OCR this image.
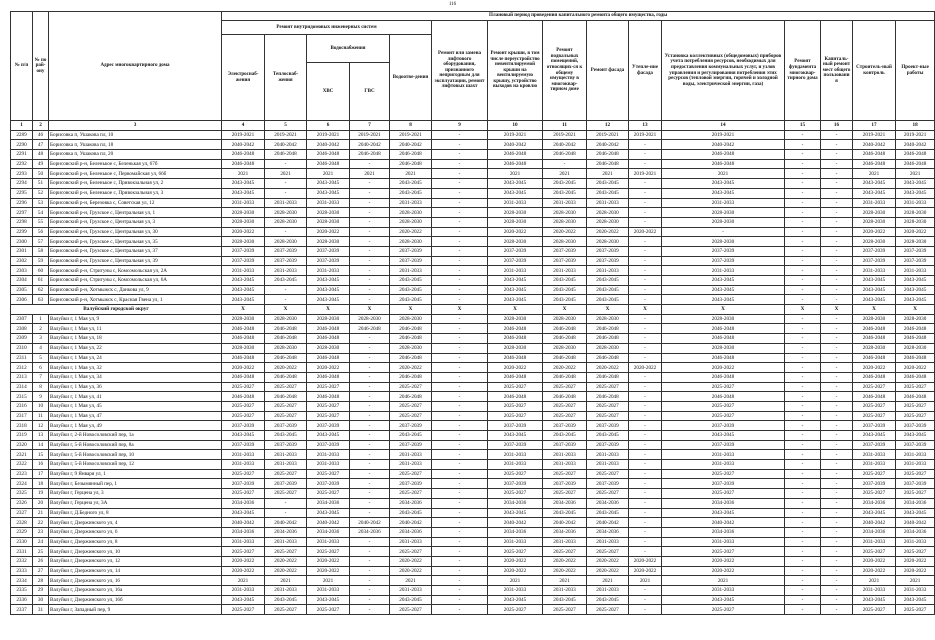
116
№ п/п	№ по рай-ону	Адрес многоквартирного дома	Плановый период проведения капитального ремонта общего имущества, годы														
			Ремонт внутридомовых инженерных систем					Ремонт или замена лифтового оборудования, признанного непригодным для эксплуатации, ремонт лифтовых шахт	Ремонт крыши, в том числе переустройство невентилируемой крыши на вентилируемую крышу, устройство выходов на кровлю	Ремонт подвальных помещений, относящих-ся к общему имуществу в многоквар-тирном доме	Ремонт фасада	Утепле-ние фасада	Установка коллективных (общедомовых) приборов учета потребления ресурсов, необходимых для предоставления коммунальных услуг, и узлов управления и регулирования потребления этих ресурсов (тепловой энергии, горячей и холодной воды, электрической энергии, газа)	Ремонт фундамента многоквар-тирного дома	Капиталь-ный ремонт мест общего пользовани я	Строитель-ный контроль	Проект-ные работы
			Электроснаб-жения	Теплоснаб-жения	Водоснабжения		Водоотве-дения										
					ХВС	ГВС											
1	2	3	4	5	6	7	8	9	10	11	12	13	14	15	16	17	18
2289	46	Борисовка п, Ушакова пл, 10	2019-2021	2019-2021	2019-2021	2019-2021	2019-2021	-	2019-2021	2019-2021	2019-2021	2019-2021	2019-2021	-	-	2019-2021	2019-2021
2290	47	Борисовка п, Ушакова пл, 18	2040-2042	2040-2042	2040-2042	2040-2042	2040-2042	-	2040-2042	2040-2042	2040-2042	-	2040-2042	-	-	2040-2042	2040-2042
2291	48	Борисовка п, Ушакова пл, 20	2046-2048	2046-2048	2046-2048	2046-2048	2046-2048	-	2046-2048	2046-2048	2046-2048	-	2046-2048	-	-	2046-2048	2046-2048
2292	49	Борисовский р-н, Беленькое с, Беленькая ул, 67б	2046-2048	-	2046-2048	-	2046-2048	-	2046-2048	-	2046-2048	-	2046-2048	-	-	2046-2048	2046-2048
2293	50	Борисовский р-н, Беленькое с, Первомайская ул, 66б	2021	2021	2021	2021	2021	-	2021	2021	2021	2019-2021	2021	-	-	2021	2021
2294	51	Борисовский р-н, Беленькое с, Привокзальная ул, 2	2043-2045	-	2043-2045	-	2043-2045	-	2043-2045	2043-2045	2043-2045	-	2043-2045	-	-	2043-2045	2043-2045
2295	52	Борисовский р-н, Беленькое с, Привокзальная ул, 3	2043-2045	-	2043-2045	-	2043-2045	-	2043-2045	2043-2045	2043-2045	-	2043-2045	-	-	2043-2045	2043-2045
2296	53	Борисовский р-н, Березовка с, Советская ул, 12	2031-2033	2031-2033	2031-2033	-	2031-2033	-	2031-2033	2031-2033	2031-2033	-	2031-2033	-	-	2031-2033	2031-2033
2297	54	Борисовский р-н, Грузское с, Центральная ул, 1	2028-2030	2028-2030	2028-2030	-	2028-2030	-	2028-2030	2028-2030	2028-2030	-	2028-2030	-	-	2028-2030	2028-2030
2298	55	Борисовский р-н, Грузское с, Центральная ул, 3	2028-2030	2028-2030	2028-2030	-	2028-2030	-	2028-2030	2028-2030	2028-2030	-	2028-2030	-	-	2028-2030	2028-2030
2299	56	Борисовский р-н, Грузское с, Центральная ул, 30	2020-2022	-	2020-2022	-	2020-2022	-	2020-2022	2020-2022	2020-2022	2020-2022	-	-	-	2020-2022	2020-2022
2300	57	Борисовский р-н, Грузское с, Центральная ул, 35	2028-2030	2028-2030	2028-2030	-	2028-2030	-	2028-2030	2028-2030	2028-2030	-	2028-2030	-	-	2028-2030	2028-2030
2301	58	Борисовский р-н, Грузское с, Центральная ул, 37	2037-2039	2037-2039	2037-2039	-	2037-2039	-	2037-2039	2037-2039	2037-2039	-	2037-2039	-	-	2037-2039	2037-2039
2302	59	Борисовский р-н, Грузское с, Центральная ул, 39	2037-2039	2037-2039	2037-2039	-	2037-2039	-	2037-2039	2037-2039	2037-2039	-	2037-2039	-	-	2037-2039	2037-2039
2303	60	Борисовский р-н, Стригуны с, Комсомольская ул, 2А	2031-2033	2031-2033	2031-2033	-	2031-2033	-	2031-2033	2031-2033	2031-2033	-	2031-2033	-	-	2031-2033	2031-2033
2304	61	Борисовский р-н, Стригуны с, Комсомольская ул, 6А	2043-2045	2043-2045	2043-2045	-	2043-2045	-	2043-2045	2043-2045	2043-2045	-	2043-2045	-	-	2043-2045	2043-2045
2305	62	Борисовский р-н, Хотмыжск с, Данкова ул, 9	2043-2045	-	2043-2045	-	2043-2045	-	2043-2045	2043-2045	2043-2045	-	2043-2045	-	-	2043-2045	2043-2045
2306	63	Борисовский р-н, Хотмыжск с, Красная Гвена ул, 1	2043-2045	-	2043-2045	-	2043-2045	-	2043-2045	2043-2045	2043-2045	-	2043-2045	-	-	2043-2045	2043-2045
Валуйский городской округ			X	X	X	X	X	X	X	X	X	X	X	X	X	X	X
2307	1	Валуйки г, 1 Мая ул, 9	2028-2030	2028-2030	2028-2030	2028-2030	2028-2030	-	2028-2030	2028-2030	2028-2030	-	2028-2030	-	-	2028-2030	2028-2030
2308	2	Валуйки г, 1 Мая ул, 11	2046-2048	2046-2048	2046-2048	2046-2048	2046-2048	-	2046-2048	2046-2048	2046-2048	-	2046-2048	-	-	2046-2048	2046-2048
2309	3	Валуйки г, 1 Мая ул, 18	2046-2048	2046-2048	2046-2048	-	2046-2048	-	2046-2048	2046-2048	2046-2048	-	2046-2048	-	-	2046-2048	2046-2048
2310	4	Валуйки г, 1 Мая ул, 22	2028-2030	2028-2030	2028-2030	-	2028-2030	-	2028-2030	2028-2030	2028-2030	-	2028-2030	-	-	2028-2030	2028-2030
2311	5	Валуйки г, 1 Мая ул, 24	2046-2048	2046-2048	2046-2048	-	2046-2048	-	2046-2048	2046-2048	2046-2048	-	2046-2048	-	-	2046-2048	2046-2048
2312	6	Валуйки г, 1 Мая ул, 32	2020-2022	2020-2022	2020-2022	-	2020-2022	-	2020-2022	2020-2022	2020-2022	2020-2022	2020-2022	-	-	2020-2022	2020-2022
2313	7	Валуйки г, 1 Мая ул, 34	2046-2048	2046-2048	2046-2048	-	2046-2048	-	2046-2048	2046-2048	2046-2048	-	2046-2048	-	-	2046-2048	2046-2048
2314	8	Валуйки г, 1 Мая ул, 36	2025-2027	2025-2027	2025-2027	-	2025-2027	-	2025-2027	2025-2027	2025-2027	-	2025-2027	-	-	2025-2027	2025-2027
2315	9	Валуйки г, 1 Мая ул, 41	2046-2048	2046-2048	2046-2048	-	2046-2048	-	2046-2048	2046-2048	2046-2048	-	2046-2048	-	-	2046-2048	2046-2048
2316	10	Валуйки г, 1 Мая ул, 45	2025-2027	2025-2027	2025-2027	-	2025-2027	-	2025-2027	2025-2027	2025-2027	-	2025-2027	-	-	2025-2027	2025-2027
2317	11	Валуйки г, 1 Мая ул, 47	2025-2027	2025-2027	2025-2027	-	2025-2027	-	2025-2027	2025-2027	2025-2027	-	2025-2027	-	-	2025-2027	2025-2027
2318	12	Валуйки г, 1 Мая ул, 49	2037-2039	2037-2039	2037-2039	-	2037-2039	-	2037-2039	2037-2039	2037-2039	-	2037-2039	-	-	2037-2039	2037-2039
2319	13	Валуйки г, 2-й Новосоловский пер, 1а	2043-2045	2043-2045	2043-2045	-	2043-2045	-	2043-2045	2043-2045	2043-2045	-	2043-2045	-	-	2043-2045	2043-2045
2320	14	Валуйки г, 5-й Новосоловский пер, 8а	2037-2039	2037-2039	2037-2039	-	2037-2039	-	2037-2039	2037-2039	2037-2039	-	2037-2039	-	-	2037-2039	2037-2039
2321	15	Валуйки г, 5-й Новосоловский пер, 10	2031-2033	2031-2033	2031-2033	-	2031-2033	-	2031-2033	2031-2033	2031-2033	-	2031-2033	-	-	2031-2033	2031-2033
2322	16	Валуйки г, 5-й Новосоловский пер, 12	2031-2033	2031-2033	2031-2033	-	2031-2033	-	2031-2033	2031-2033	2031-2033	-	2031-2033	-	-	2031-2033	2031-2033
2323	17	Валуйки г, 9 Января ул, 1	2025-2027	2025-2027	2025-2027	-	2025-2027	-	2025-2027	2025-2027	2025-2027	-	2025-2027	-	-	2025-2027	2025-2027
2324	18	Валуйки г, Безымянный пер, 1	2037-2039	2037-2039	2037-2039	-	2037-2039	-	2037-2039	2037-2039	2037-2039	-	2037-2039	-	-	2037-2039	2037-2039
2325	19	Валуйки г, Герцена ул, 3	2025-2027	2025-2027	2025-2027	-	2025-2027	-	2025-2027	2025-2027	2025-2027	-	2025-2027	-	-	2025-2027	2025-2027
2326	20	Валуйки г, Герцена ул, 3А	2034-2036	-	2034-2036	-	2034-2036	-	2034-2036	2034-2036	2034-2036	-	2034-2036	-	-	2034-2036	2034-2036
2327	21	Валуйки г, Д.Бедного ул, 8	2043-2045	-	2043-2045	-	2043-2045	-	2043-2045	2043-2045	2043-2045	-	2043-2045	-	-	2043-2045	2043-2045
2328	22	Валуйки г, Дзержинского ул, 4	2040-2042	2040-2042	2040-2042	2040-2042	2040-2042	-	2040-2042	2040-2042	2040-2042	-	2040-2042	-	-	2040-2042	2040-2042
2329	23	Валуйки г, Дзержинского ул, 6	2034-2036	2034-2036	2034-2036	2034-2036	2034-2036	-	2034-2036	2034-2036	2034-2036	-	2034-2036	-	-	2034-2036	2034-2036
2330	24	Валуйки г, Дзержинского ул, 8	2031-2033	2031-2033	2031-2033	-	2031-2033	-	2031-2033	2031-2033	2031-2033	-	2031-2033	-	-	2031-2033	2031-2033
2331	25	Валуйки г, Дзержинского ул, 10	2025-2027	2025-2027	2025-2027	-	2025-2027	-	2025-2027	2025-2027	2025-2027	-	2025-2027	-	-	2025-2027	2025-2027
2332	26	Валуйки г, Дзержинского ул, 12	2020-2022	2020-2022	2020-2022	-	2020-2022	-	2020-2022	2020-2022	2020-2022	2020-2022	2020-2022	-	-	2020-2022	2020-2022
2333	27	Валуйки г, Дзержинского ул, 14	2020-2022	2020-2022	2020-2022	-	2020-2022	-	2020-2022	2020-2022	2020-2022	2020-2022	2020-2022	-	-	2020-2022	2020-2022
2334	28	Валуйки г, Дзержинского ул, 16	2021	2021	2021	-	2021	-	2021	2021	2021	2021	2021	-	-	2021	2021
2335	29	Валуйки г, Дзержинского ул, 16а	2031-2033	2031-2033	2031-2033	-	2031-2033	-	2031-2033	2031-2033	2031-2033	-	2031-2033	-	-	2031-2033	2031-2033
2336	30	Валуйки г, Дзержинского ул, 16б	2043-2045	2043-2045	2043-2045	-	2043-2045	-	2043-2045	2043-2045	2043-2045	-	2043-2045	-	-	2043-2045	2043-2045
2337	31	Валуйки г, Западный пер, 9	2025-2027	2025-2027	2025-2027	-	2025-2027	-	2025-2027	2025-2027	2025-2027	-	2025-2027	-	-	2025-2027	2025-2027
